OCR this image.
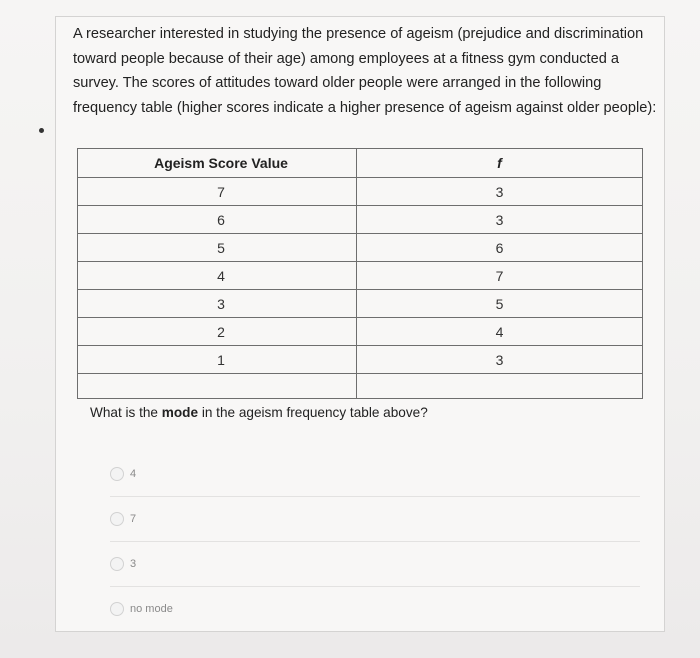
A researcher interested in studying the presence of ageism (prejudice and discrimination toward people because of their age) among employees at a fitness gym conducted a survey. The scores of attitudes toward older people were arranged in the following frequency table (higher scores indicate a higher presence of ageism against older people):
Ageism Score Value	f
7	3
6	3
5	6
4	7
3	5
2	4
1	3

What is the mode in the ageism frequency table above?
4
7
3
no mode
